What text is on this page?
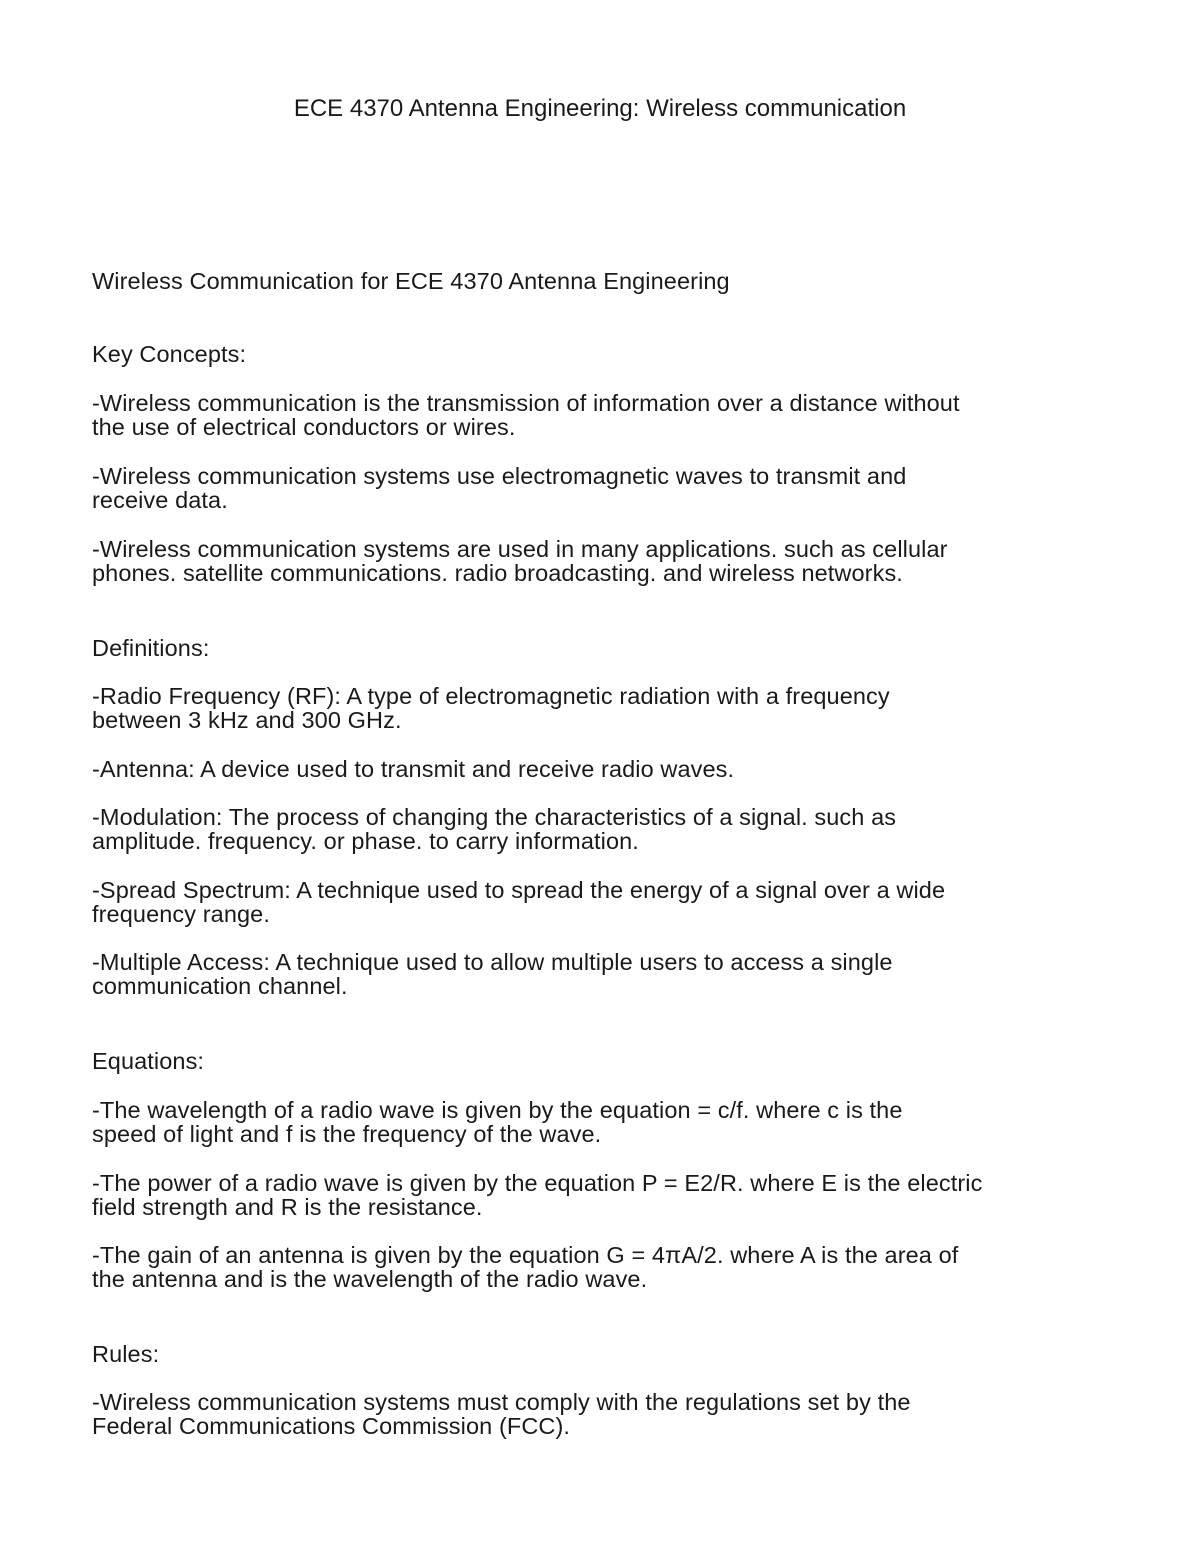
ECE 4370 Antenna Engineering: Wireless communication
Wireless Communication for ECE 4370 Antenna Engineering
Key Concepts:
-Wireless communication is the transmission of information over a distance without
the use of electrical conductors or wires.
-Wireless communication systems use electromagnetic waves to transmit and
receive data.
-Wireless communication systems are used in many applications. such as cellular
phones. satellite communications. radio broadcasting. and wireless networks.
Definitions:
-Radio Frequency (RF): A type of electromagnetic radiation with a frequency
between 3 kHz and 300 GHz.
-Antenna: A device used to transmit and receive radio waves.
-Modulation: The process of changing the characteristics of a signal. such as
amplitude. frequency. or phase. to carry information.
-Spread Spectrum: A technique used to spread the energy of a signal over a wide
frequency range.
-Multiple Access: A technique used to allow multiple users to access a single
communication channel.
Equations:
-The wavelength of a radio wave is given by the equation = c/f. where c is the
speed of light and f is the frequency of the wave.
-The power of a radio wave is given by the equation P = E2/R. where E is the electric
field strength and R is the resistance.
-The gain of an antenna is given by the equation G = 4πA/2. where A is the area of
the antenna and is the wavelength of the radio wave.
Rules:
-Wireless communication systems must comply with the regulations set by the
Federal Communications Commission (FCC).
